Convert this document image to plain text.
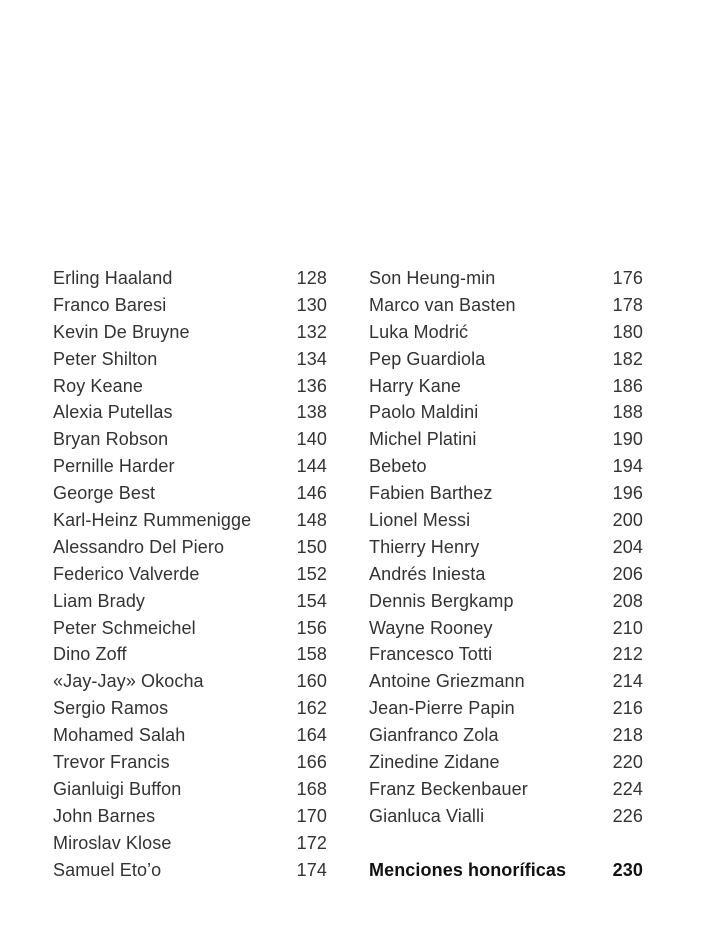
Erling Haaland	128
Franco Baresi	130
Kevin De Bruyne	132
Peter Shilton	134
Roy Keane	136
Alexia Putellas	138
Bryan Robson	140
Pernille Harder	144
George Best	146
Karl-Heinz Rummenigge	148
Alessandro Del Piero	150
Federico Valverde	152
Liam Brady	154
Peter Schmeichel	156
Dino Zoff	158
«Jay-Jay» Okocha	160
Sergio Ramos	162
Mohamed Salah	164
Trevor Francis	166
Gianluigi Buffon	168
John Barnes	170
Miroslav Klose	172
Samuel Eto’o	174
Son Heung-min	176
Marco van Basten	178
Luka Modrić	180
Pep Guardiola	182
Harry Kane	186
Paolo Maldini	188
Michel Platini	190
Bebeto	194
Fabien Barthez	196
Lionel Messi	200
Thierry Henry	204
Andrés Iniesta	206
Dennis Bergkamp	208
Wayne Rooney	210
Francesco Totti	212
Antoine Griezmann	214
Jean-Pierre Papin	216
Gianfranco Zola	218
Zinedine Zidane	220
Franz Beckenbauer	224
Gianluca Vialli	226
Menciones honoríficas	230
